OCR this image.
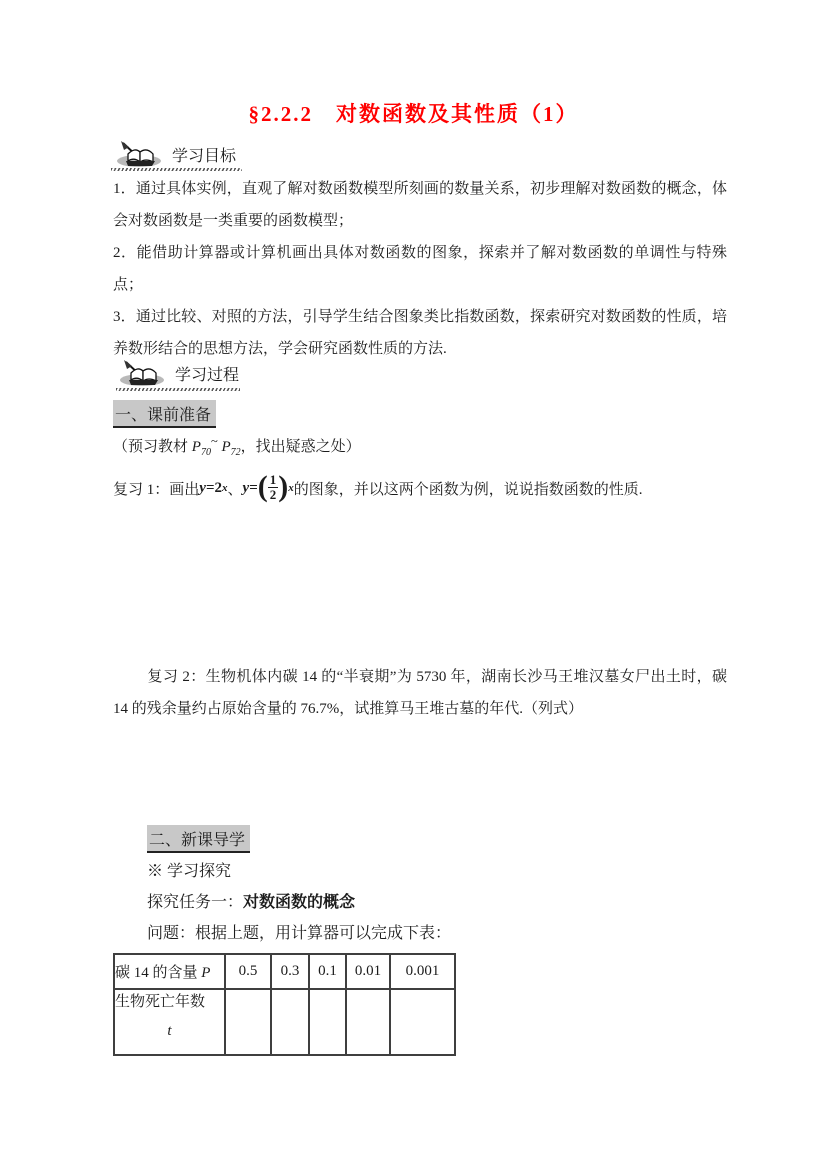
§2.2.2　对数函数及其性质（1）
学习目标
1．通过具体实例，直观了解对数函数模型所刻画的数量关系，初步理解对数函数的概念，体会对数函数是一类重要的函数模型；
2．能借助计算器或计算机画出具体对数函数的图象，探索并了解对数函数的单调性与特殊点；
3．通过比较、对照的方法，引导学生结合图象类比指数函数，探索研究对数函数的性质，培养数形结合的思想方法，学会研究函数性质的方法.
学习过程
一、课前准备
（预习教材 $P_{70}^\sim$ $P_{72}$，找出疑惑之处）
复习 1：画出 y = 2 x 、 y = ( $\frac{1}{2}$ ) x 的图象，并以这两个函数为例，说说指数函数的性质.
复习 2：生物机体内碳 14 的“半衰期”为 5730 年，湖南长沙马王堆汉墓女尸出土时，碳 14 的残余量约占原始含量的 76.7%，试推算马王堆古墓的年代.（列式）
二、新课导学
※ 学习探究
探究任务一：对数函数的概念
问题：根据上题，用计算器可以完成下表：
碳 14 的含量 P	0.5	0.3	0.1	0.01	0.001

生物死亡年数
t					
